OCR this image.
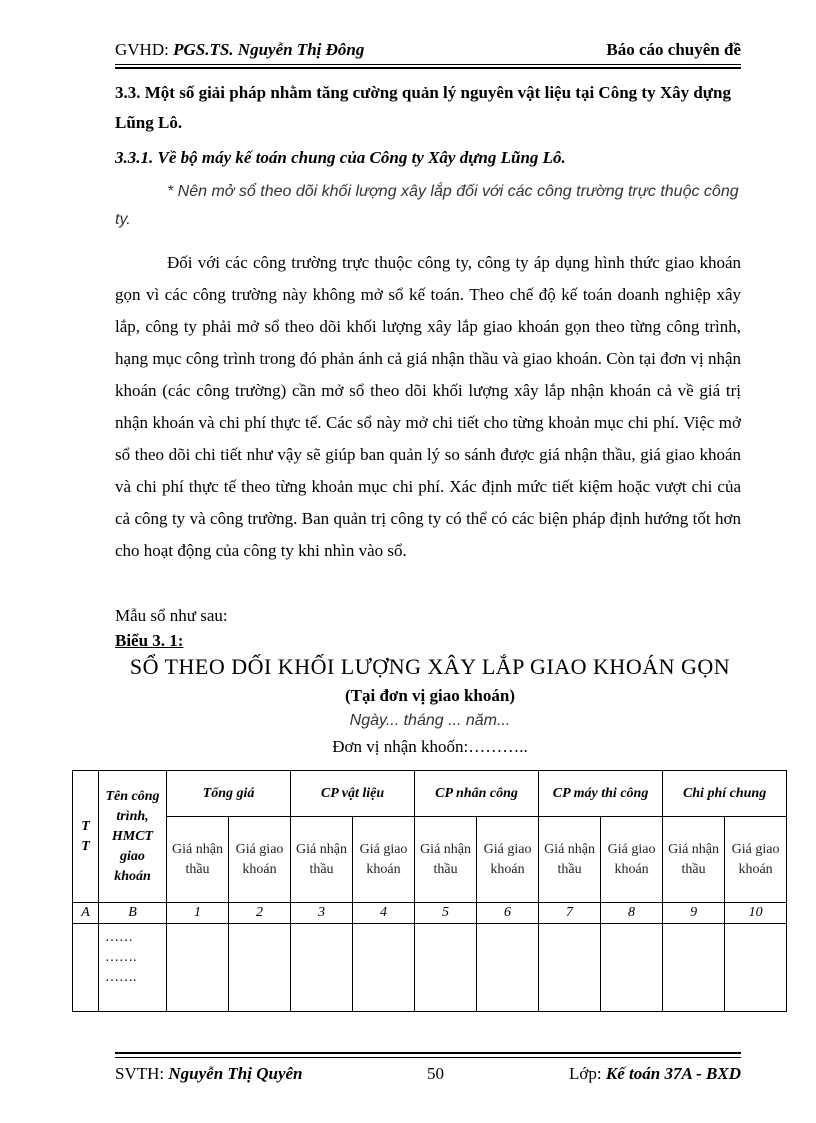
GVHD: PGS.TS. Nguyễn Thị Đông	Báo cáo chuyên đề
3.3. Một số giải pháp nhằm tăng cường quản lý nguyên vật liệu tại Công ty Xây dựng Lũng Lô.
3.3.1. Về bộ máy kế toán chung của Công ty Xây dựng Lũng Lô.
* Nên mở sổ theo dõi khối lượng xây lắp đối với các công trường trực thuộc công ty.
Đối với các công trường trực thuộc công ty, công ty áp dụng hình thức giao khoán gọn vì các công trường này không mở sổ kế toán. Theo chế độ kế toán doanh nghiệp xây lắp, công ty phải mở sổ theo dõi khối lượng xây lắp giao khoán gọn theo từng công trình, hạng mục công trình trong đó phản ánh cả giá nhận thầu và giao khoán. Còn tại đơn vị nhận khoán (các công trường) cần mở sổ theo dõi khối lượng xây lắp nhận khoán cả về giá trị nhận khoán và chi phí thực tế. Các sổ này mở chi tiết cho từng khoản mục chi phí. Việc mở sổ theo dõi chi tiết như vậy sẽ giúp ban quản lý so sánh được giá nhận thầu, giá giao khoán và chi phí thực tế theo từng khoản mục chi phí. Xác định mức tiết kiệm hoặc vượt chi của cả công ty và công trường. Ban quản trị công ty có thể có các biện pháp định hướng tốt hơn cho hoạt động của công ty khi nhìn vào sổ.
Mẫu sổ như sau:
Biểu 3. 1:
SỔ THEO DỐI KHỐI LƯỢNG XÂY LẮP GIAO KHOÁN GỌN
(Tại đơn vị giao khoán)
Ngày... tháng ... năm...
Đơn vị nhận khoốn:………..
T T	Tên công trình, HMCT giao khoán	Tổng giá		CP vật liệu		CP nhân công		CP máy thi công		Chi phí chung	
		Giá nhận thầu	Giá giao khoán	Giá nhận thầu	Giá giao khoán	Giá nhận thầu	Giá giao khoán	Giá nhận thầu	Giá giao khoán	Giá nhận thầu	Giá giao khoán
A	B	1	2	3	4	5	6	7	8	9	10

	……
…….
…….										

SVTH: Nguyễn Thị Quyên	50	Lớp: Kế toán 37A - BXD
